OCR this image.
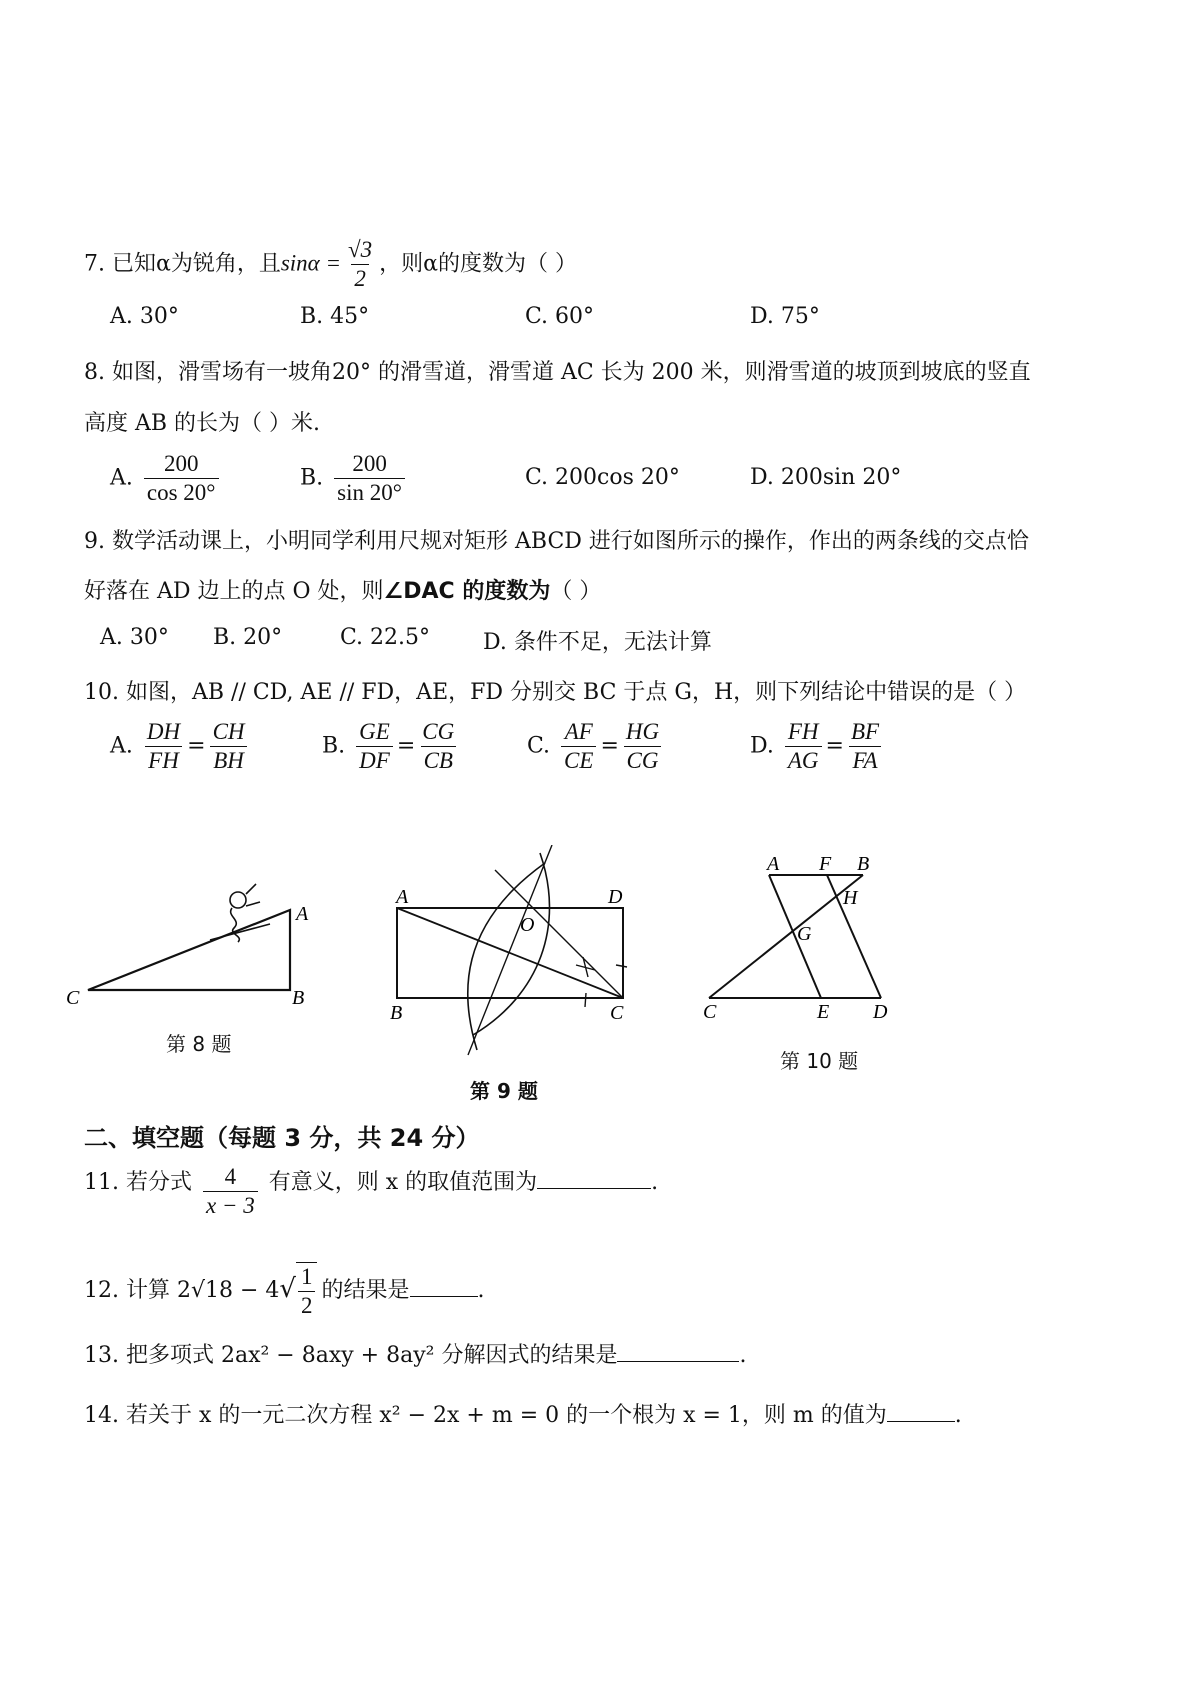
7. 已知α为锐角，且$\sin\alpha = \frac{√3}{2}$ ，则α的度数为（ ）
A. 30°	B. 45°	C. 60°	D. 75°
8. 如图，滑雪场有一坡角20° 的滑雪道，滑雪道 AC 长为 200 米，则滑雪道的坡顶到坡底的竖直
高度 AB 的长为（ ）米.
A. $\frac{200}{\cos 20^\circ}$	B. $\frac{200}{\sin 20^\circ}$	C. 200cos 20°	D. 200sin 20°
9. 数学活动课上，小明同学利用尺规对矩形 ABCD 进行如图所示的操作，作出的两条线的交点恰
好落在 AD 边上的点 O 处，则∠DAC 的度数为（ ）
A. 30° B. 20°	C. 22.5° D. 条件不足，无法计算
10. 如图，AB // CD, AE // FD，AE，FD 分别交 BC 于点 G，H，则下列结论中错误的是（ ）
A. $\frac{DH}{FH} = \frac{CH}{BH}$	B. $\frac{GE}{DF} = \frac{CG}{CB}$	C. $\frac{AF}{CE} = \frac{HG}{CG}$	D. $\frac{FH}{AG} = \frac{BF}{FA}$
A
B
C
第 8 题
A	D
O
B	C
第 9 题
A F B
H
G
C	E D
第 10 题
二、填空题（每题 3 分，共 24 分）
11. 若分式 $\frac{4}{x - 3}$ 有意义，则 x 的取值范围为	.
12. 计算 $2√18 - 4√ \frac{1}{2}$ 的结果是	.
13. 把多项式 2ax² − 8axy + 8ay² 分解因式的结果是	.
14. 若关于 x 的一元二次方程 x² − 2x + m = 0 的一个根为 x = 1，则 m 的值为	.
